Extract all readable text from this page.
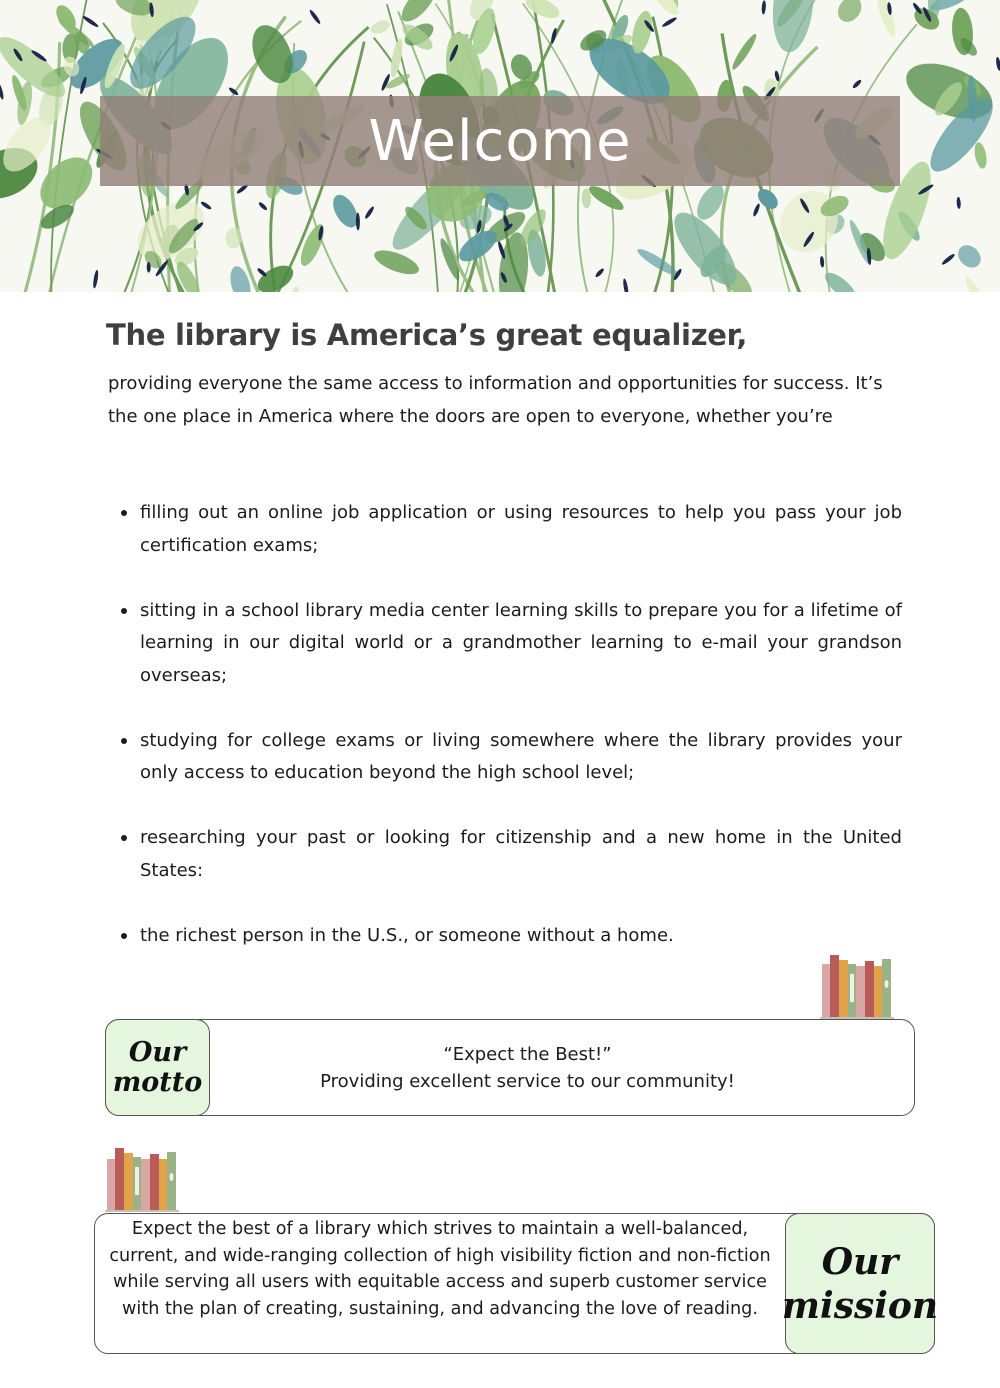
Welcome
The library is America’s great equalizer,

providing everyone the same access to information and opportunities for success. It’s the one place in America where the doors are open to everyone, whether you’re

filling out an online job application or using resources to help you pass your job certification exams;
sitting in a school library media center learning skills to prepare you for a lifetime of learning in our digital world or a grandmother learning to e-mail your grandson overseas;
studying for college exams or living somewhere where the library provides your only access to education beyond the high school level;
researching your past or looking for citizenship and a new home in the United States:
the richest person in the U.S., or someone without a home.
Our
motto
“Expect the Best!”
Providing excellent service to our community!

Expect the best of a library which strives to maintain a well-balanced, current, and wide-ranging collection of high visibility fiction and non-fiction while serving all users with equitable access and superb customer service with the plan of creating, sustaining, and advancing the love of reading.

Our
mission
